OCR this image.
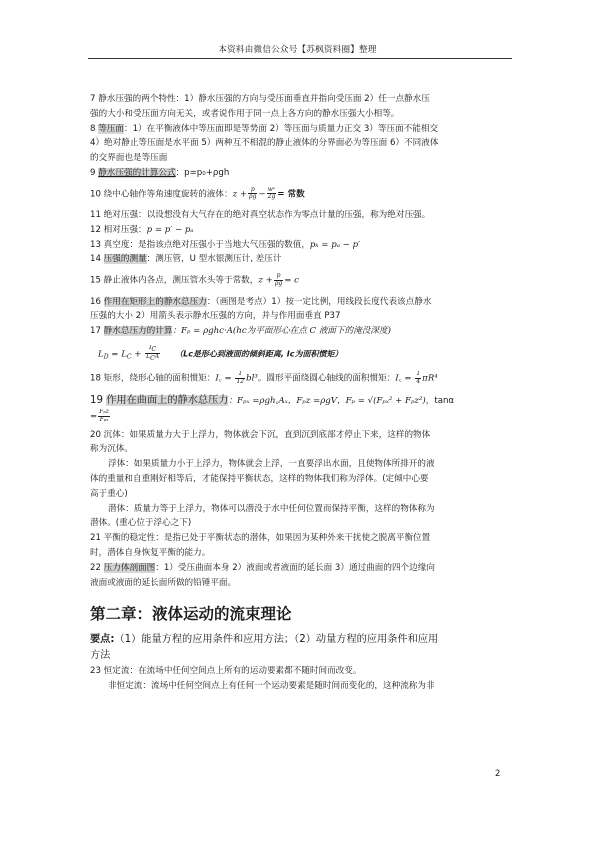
本资料由微信公众号【苏枫资料圈】整理

7 静水压强的两个特性：1）静水压强的方向与受压面垂直并指向受压面 2）任一点静水压

强的大小和受压面方向无关，或者说作用于同一点上各方向的静水压强大小相等。

8 等压面：1）在平衡液体中等压面即是等势面 2）等压面与质量力正交 3）等压面不能相交

4）绝对静止等压面是水平面 5）两种互不相混的静止液体的分界面必为等压面 6）不同液体

的交界面也是等压面

9 静水压强的计算公式：p=p₀+ρgh

10 绕中心轴作等角速度旋转的液体：$z + \frac{p}{\rho g} - \frac{\text{w²}}{2g}$ = 常数

11 绝对压强：以设想没有大气存在的绝对真空状态作为零点计量的压强，称为绝对压强。

12 相对压强：p = p′ − pₐ

13 真空度：是指该点绝对压强小于当地大气压强的数值，pₖ = pₐ − p′

14 压强的测量：测压管，U 型水银测压计, 差压计

15 静止液体内各点，测压管水头等于常数，$z + \frac{p}{\rho g} = c$

16 作用在矩形上的静水总压力：（画图是考点）1）按一定比例，用线段长度代表该点静水

压强的大小 2）用箭头表示静水压强的方向，并与作用面垂直 P37

17 静水总压力的计算：Fₚ = ρghc·A(hc为平面形心在点 C 液面下的淹没深度)

$L_D = L_C + \frac{IC}{\text{LCA}} (Lc$是形心到液面的倾斜距离, Ic为面积惯矩）

18 矩形，绕形心轴的面积惯矩：I꜀ = $\frac{1}{12} bl^3$。圆形平面绕圆心轴线的面积惯矩：I꜀ = $\frac{1}{4} \pi R^4$

19 作用在曲面上的静水总压力：Fₚₓ =ρgh꜀Aₓ，Fₚz =ρgV，Fₚ = √(Fₚₓ² + Fₚz²)，tanα

= $\frac{\text{Fₚz}}{\text{Fₚₓ}}$

20 沉体：如果质量力大于上浮力，物体就会下沉，直到沉到底部才停止下来，这样的物体

称为沉体。

浮体：如果质量力小于上浮力，物体就会上浮，一直要浮出水面，且使物体所排开的液

体的重量和自重刚好相等后，才能保持平衡状态，这样的物体我们称为浮体。(定倾中心要

高于重心)

潜体：质量力等于上浮力，物体可以潜没于水中任何位置而保持平衡，这样的物体称为

潜体。(重心位于浮心之下)

21 平衡的稳定性：是指已处于平衡状态的潜体，如果因为某种外来干扰使之脱离平衡位置

时，潜体自身恢复平衡的能力。

22 压力体剖面图：1）受压曲面本身 2）液面或者液面的延长面 3）通过曲面的四个边缘向

液面或液面的延长面所做的铅锤平面。

第二章：液体运动的流束理论

要点:（1）能量方程的应用条件和应用方法；（2）动量方程的应用条件和应用

方法

23 恒定流：在流场中任何空间点上所有的运动要素都不随时间而改变。

非恒定流：流场中任何空间点上有任何一个运动要素是随时间而变化的，这种流称为非

2
